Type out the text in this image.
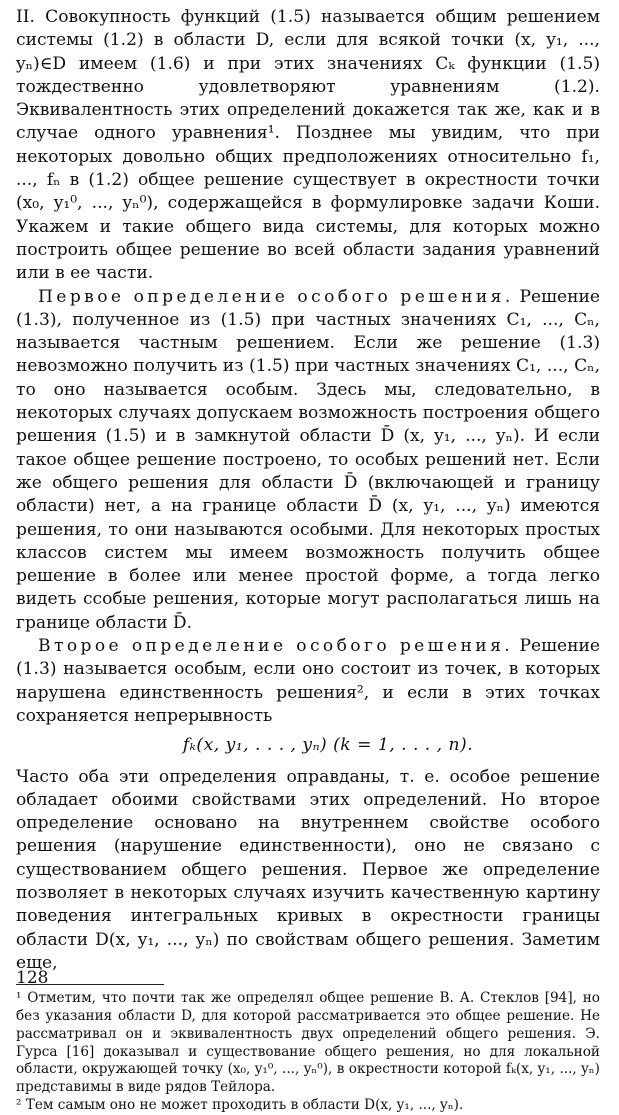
II. Совокупность функций (1.5) называется общим решением системы (1.2) в области D, если для всякой точки (x, y₁, ..., yₙ)∈D имеем (1.6) и при этих значениях Cₖ функции (1.5) тождественно удовлетворяют уравнениям (1.2). Эквивалентность этих определений докажется так же, как и в случае одного уравнения¹. Позднее мы увидим, что при некоторых довольно общих предположениях относительно f₁, ..., fₙ в (1.2) общее решение существует в окрестности точки (x₀, y₁⁰, ..., yₙ⁰), содержащейся в формулировке задачи Коши. Укажем и такие общего вида системы, для которых можно построить общее решение во всей области задания уравнений или в ее части.

Первое определение особого решения. Решение (1.3), полученное из (1.5) при частных значениях C₁, ..., Cₙ, называется частным решением. Если же решение (1.3) невозможно получить из (1.5) при частных значениях C₁, ..., Cₙ, то оно называется особым. Здесь мы, следовательно, в некоторых случаях допускаем возможность построения общего решения (1.5) и в замкнутой области D̄ (x, y₁, ..., yₙ). И если такое общее решение построено, то особых решений нет. Если же общего решения для области D̄ (включающей и границу области) нет, а на границе области D̄ (x, y₁, ..., yₙ) имеются решения, то они называются особыми. Для некоторых простых классов систем мы имеем возможность получить общее решение в более или менее простой форме, а тогда легко видеть ссобые решения, которые могут располагаться лишь на границе области D̄.

Второе определение особого решения. Решение (1.3) называется особым, если оно состоит из точек, в которых нарушена единственность решения², и если в этих точках сохраняется непрерывность

fₖ(x, y₁, . . . , yₙ) (k = 1, . . . , n).

Часто оба эти определения оправданы, т. е. особое решение обладает обоими свойствами этих определений. Но второе определение основано на внутреннем свойстве особого решения (нарушение единственности), оно не связано с существованием общего решения. Первое же определение позволяет в некоторых случаях изучить качественную картину поведения интегральных кривых в окрестности границы области D(x, y₁, ..., yₙ) по свойствам общего решения. Заметим еще,

¹ Отметим, что почти так же определял общее решение В. А. Стеклов [94], но без указания области D, для которой рассматривается это общее решение. Не рассматривал он и эквивалентность двух определений общего решения. Э. Гурса [16] доказывал и существование общего решения, но для локальной области, окружающей точку (x₀, y₁⁰, ..., yₙ⁰), в окрестности которой fₖ(x, y₁, ..., yₙ) представимы в виде рядов Тейлора.

² Тем самым оно не может проходить в области D(x, y₁, ..., yₙ).

128
